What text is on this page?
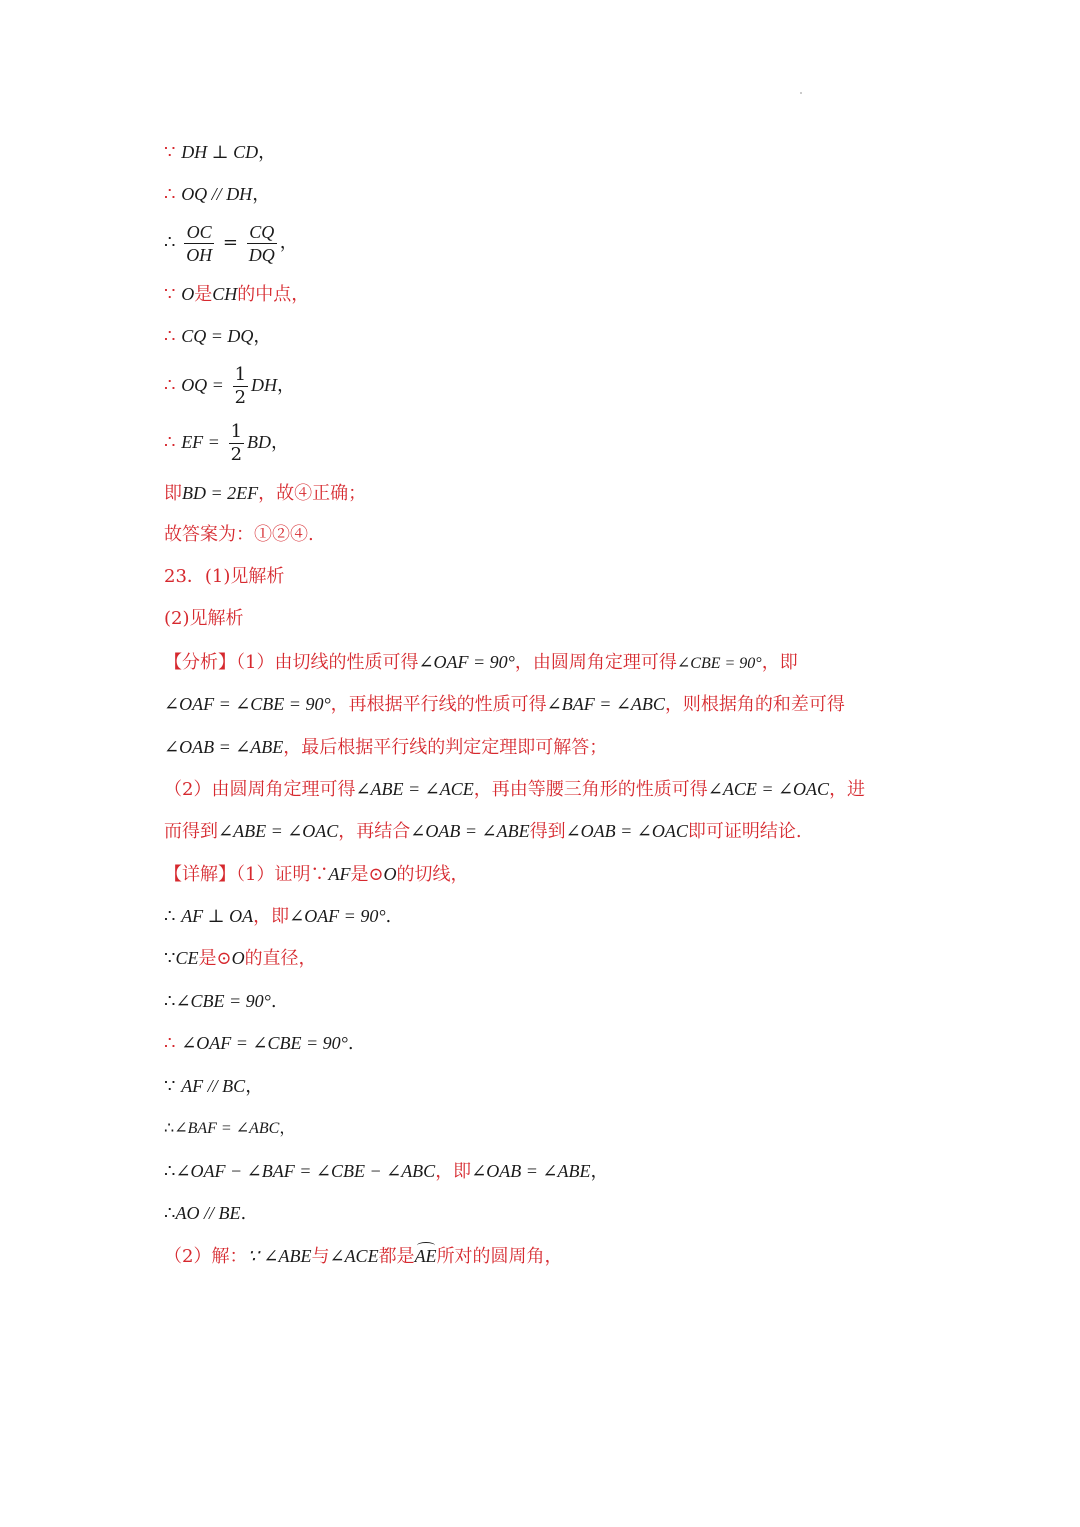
∵ DH ⊥ CD，
∴ OQ // DH，
∴ $\frac{OC}{OH} = \frac{CQ}{DQ}$ ，
∵ O是CH的中点，
∴ CQ = DQ，
∴ OQ = $\frac{1}{2}$ DH，
∴ EF = $\frac{1}{2}$ BD，
即BD = 2EF，故④正确；
故答案为：①②④.
23．(1)见解析
(2)见解析
【分析】（1）由切线的性质可得∠OAF = 90°，由圆周角定理可得∠CBE = 90°，即
∠OAF = ∠CBE = 90°，再根据平行线的性质可得∠BAF = ∠ABC，则根据角的和差可得
∠OAB = ∠ABE，最后根据平行线的判定定理即可解答；
（2）由圆周角定理可得∠ABE = ∠ACE，再由等腰三角形的性质可得∠ACE = ∠OAC，进
而得到∠ABE = ∠OAC，再结合∠OAB = ∠ABE得到∠OAB = ∠OAC即可证明结论.
【详解】（1）证明∵AF是⊙O的切线，
∴ AF ⊥ OA，即∠OAF = 90°.
∵CE是⊙O的直径，
∴∠CBE = 90°.
∴ ∠OAF = ∠CBE = 90°.
∵ AF // BC，
∴∠BAF = ∠ABC，
∴∠OAF − ∠BAF = ∠CBE − ∠ABC，即∠OAB = ∠ABE，
∴AO // BE.
（2）解：∵ ∠ABE与∠ACE都是AE所对的圆周角，
